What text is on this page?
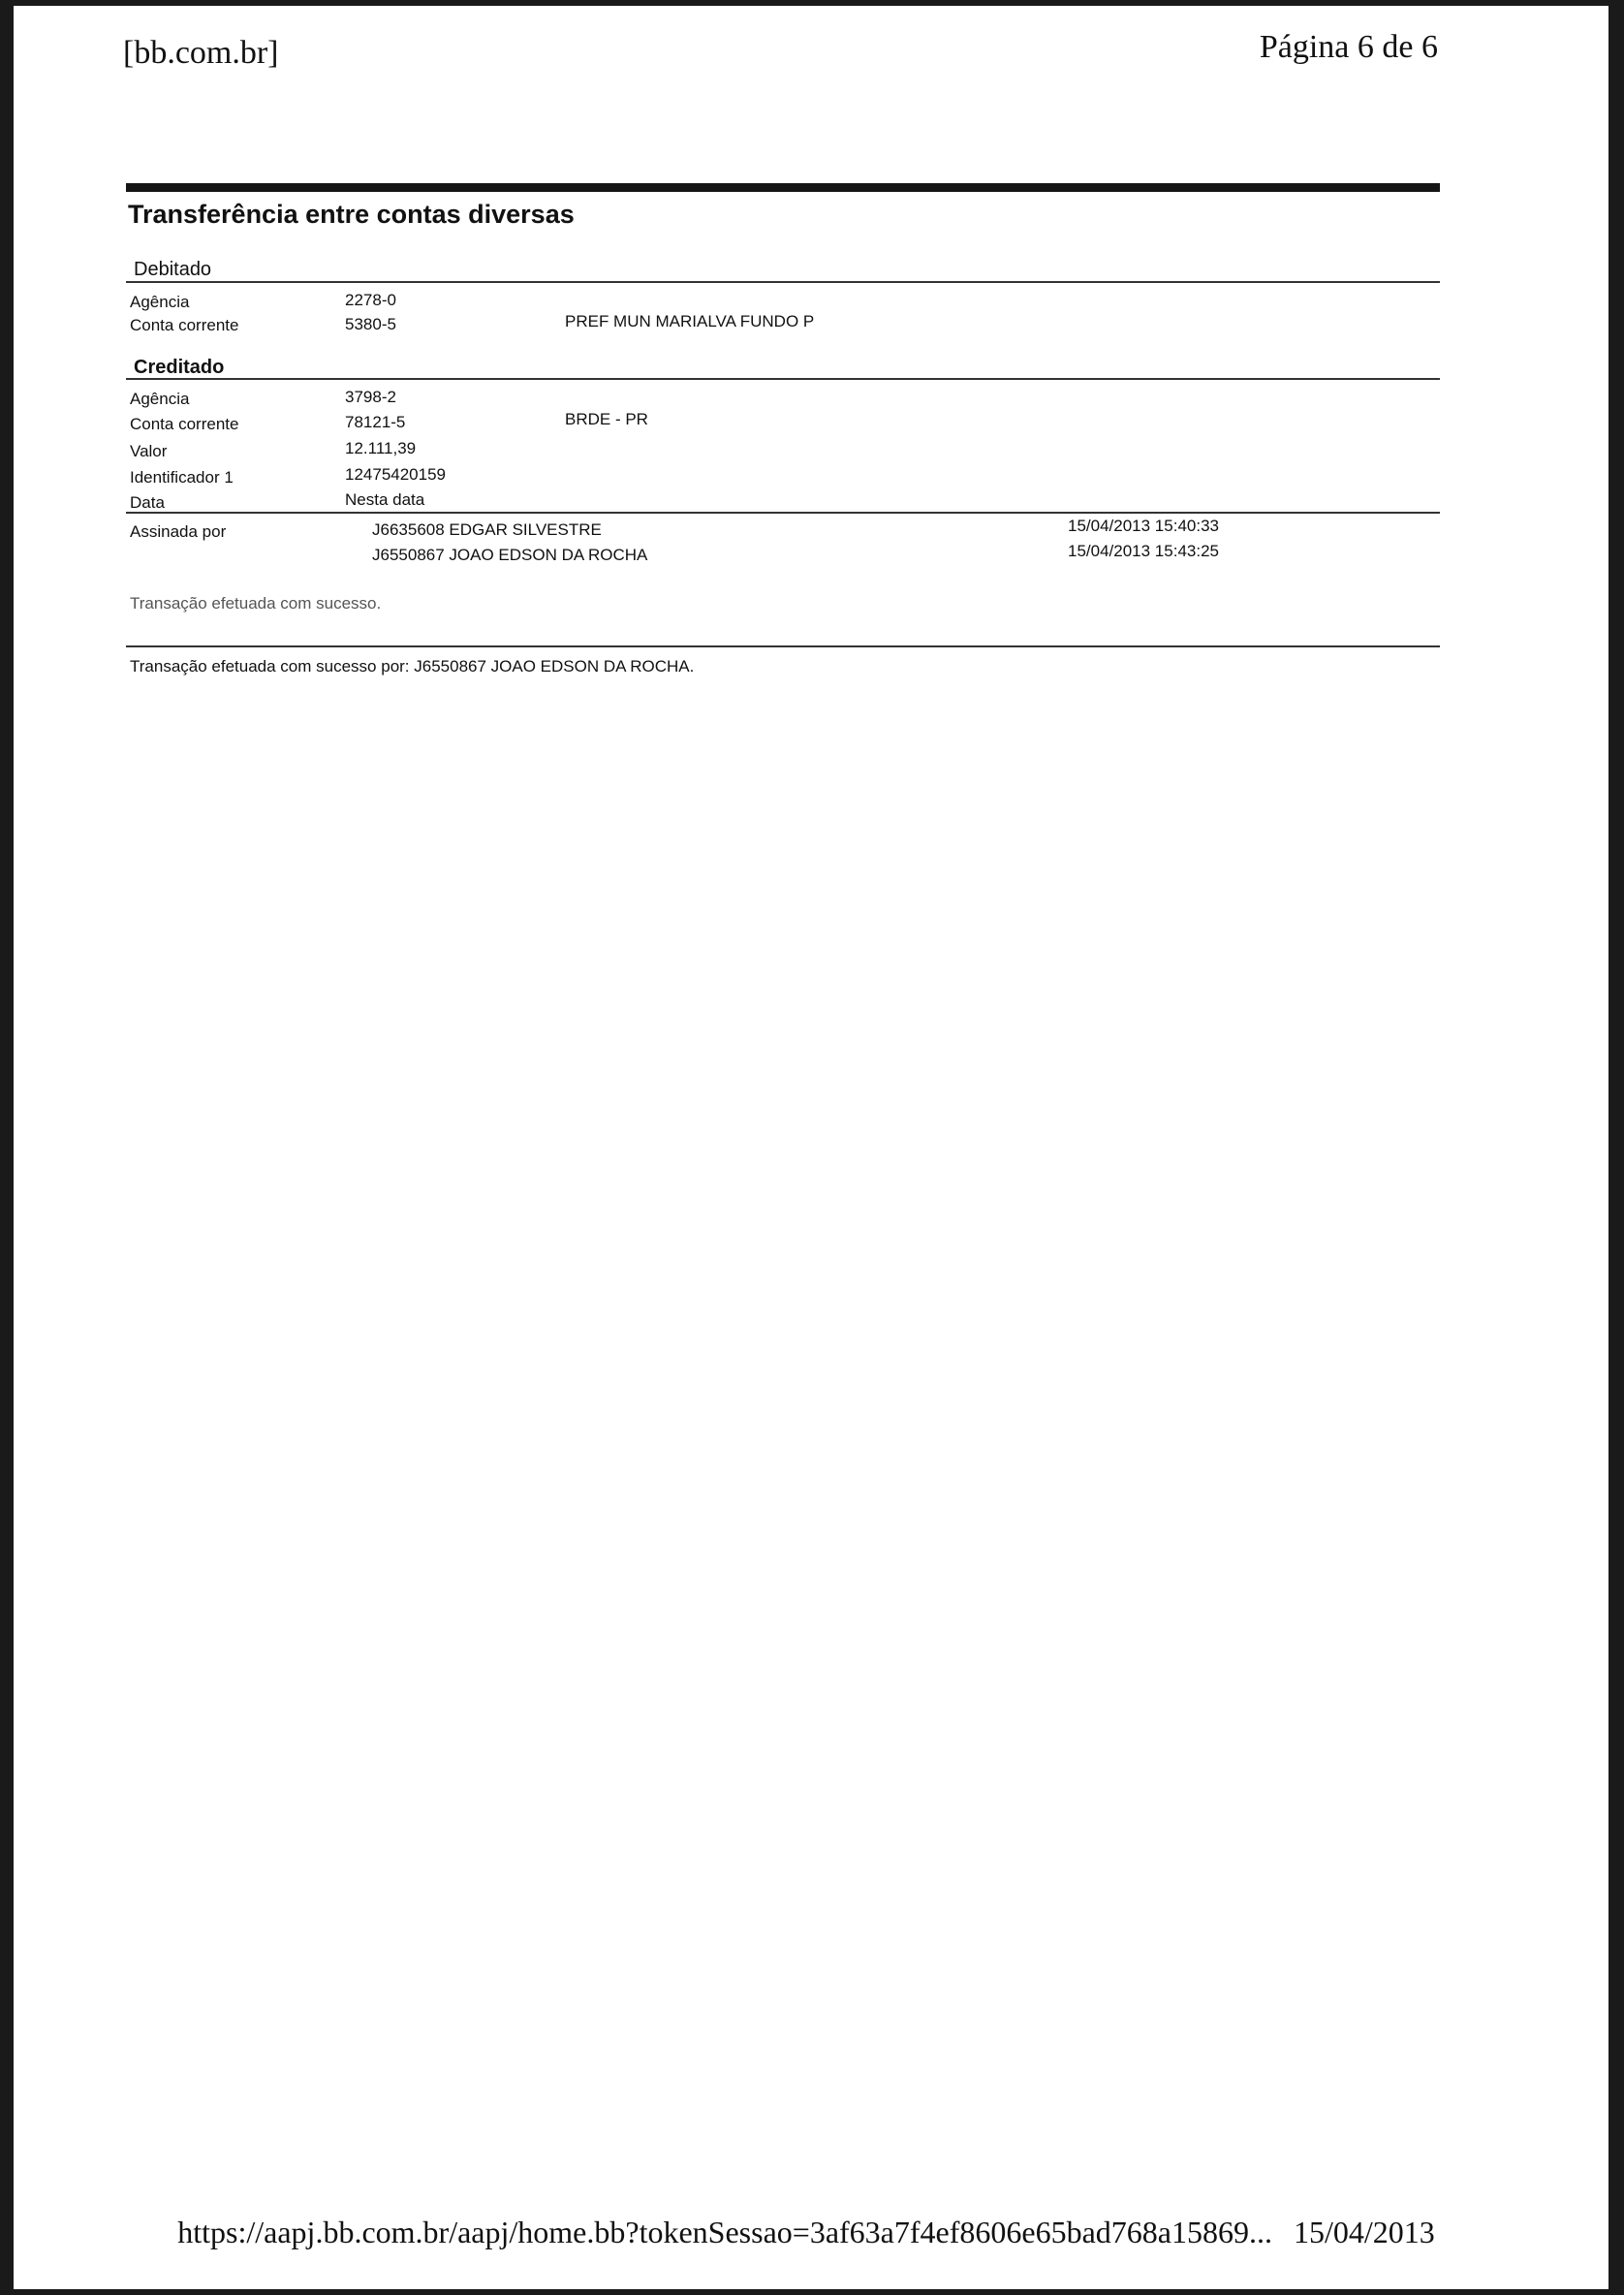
[bb.com.br]	Página 6 de 6
Transferência entre contas diversas
Debitado
Agência	2278-0
Conta corrente	5380-5	PREF MUN MARIALVA FUNDO P
Creditado
Agência	3798-2
Conta corrente	78121-5	BRDE - PR
Valor	12.111,39
Identificador 1	12475420159
Data	Nesta data
Assinada por	J6635608 EDGAR SILVESTRE	15/04/2013 15:40:33
J6550867 JOAO EDSON DA ROCHA	15/04/2013 15:43:25
Transação efetuada com sucesso.
Transação efetuada com sucesso por: J6550867 JOAO EDSON DA ROCHA.
https://aapj.bb.com.br/aapj/home.bb?tokenSessao=3af63a7f4ef8606e65bad768a15869... 15/04/2013
